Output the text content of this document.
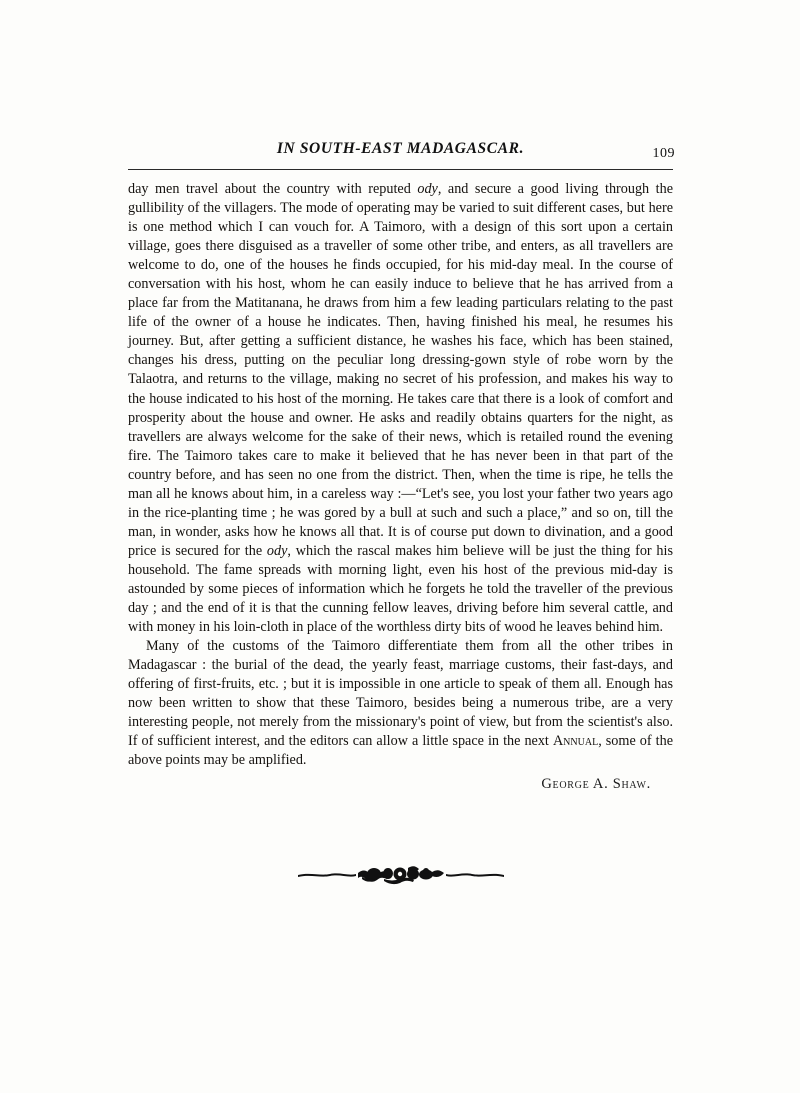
IN SOUTH-EAST MADAGASCAR.	109

day men travel about the country with reputed ody, and secure a good living through the gullibility of the villagers. The mode of operating may be varied to suit different cases, but here is one method which I can vouch for. A Taimoro, with a design of this sort upon a certain village, goes there disguised as a traveller of some other tribe, and enters, as all travellers are welcome to do, one of the houses he finds occupied, for his mid-day meal. In the course of conversation with his host, whom he can easily induce to believe that he has arrived from a place far from the Matitanana, he draws from him a few leading particulars relating to the past life of the owner of a house he indicates. Then, having finished his meal, he resumes his journey. But, after getting a sufficient distance, he washes his face, which has been stained, changes his dress, putting on the peculiar long dressing-gown style of robe worn by the Talaotra, and returns to the village, making no secret of his profession, and makes his way to the house indicated to his host of the morning. He takes care that there is a look of comfort and prosperity about the house and owner. He asks and readily obtains quarters for the night, as travellers are always welcome for the sake of their news, which is retailed round the evening fire. The Taimoro takes care to make it believed that he has never been in that part of the country before, and has seen no one from the district. Then, when the time is ripe, he tells the man all he knows about him, in a careless way :—“Let's see, you lost your father two years ago in the rice-planting time ; he was gored by a bull at such and such a place,” and so on, till the man, in wonder, asks how he knows all that. It is of course put down to divination, and a good price is secured for the ody, which the rascal makes him believe will be just the thing for his household. The fame spreads with morning light, even his host of the previous mid-day is astounded by some pieces of information which he forgets he told the traveller of the previous day ; and the end of it is that the cunning fellow leaves, driving before him several cattle, and with money in his loin-cloth in place of the worthless dirty bits of wood he leaves behind him.

Many of the customs of the Taimoro differentiate them from all the other tribes in Madagascar : the burial of the dead, the yearly feast, marriage customs, their fast-days, and offering of first-fruits, etc. ; but it is impossible in one article to speak of them all. Enough has now been written to show that these Taimoro, besides being a numerous tribe, are a very interesting people, not merely from the missionary's point of view, but from the scientist's also. If of sufficient interest, and the editors can allow a little space in the next Annual, some of the above points may be amplified.

George A. Shaw.
